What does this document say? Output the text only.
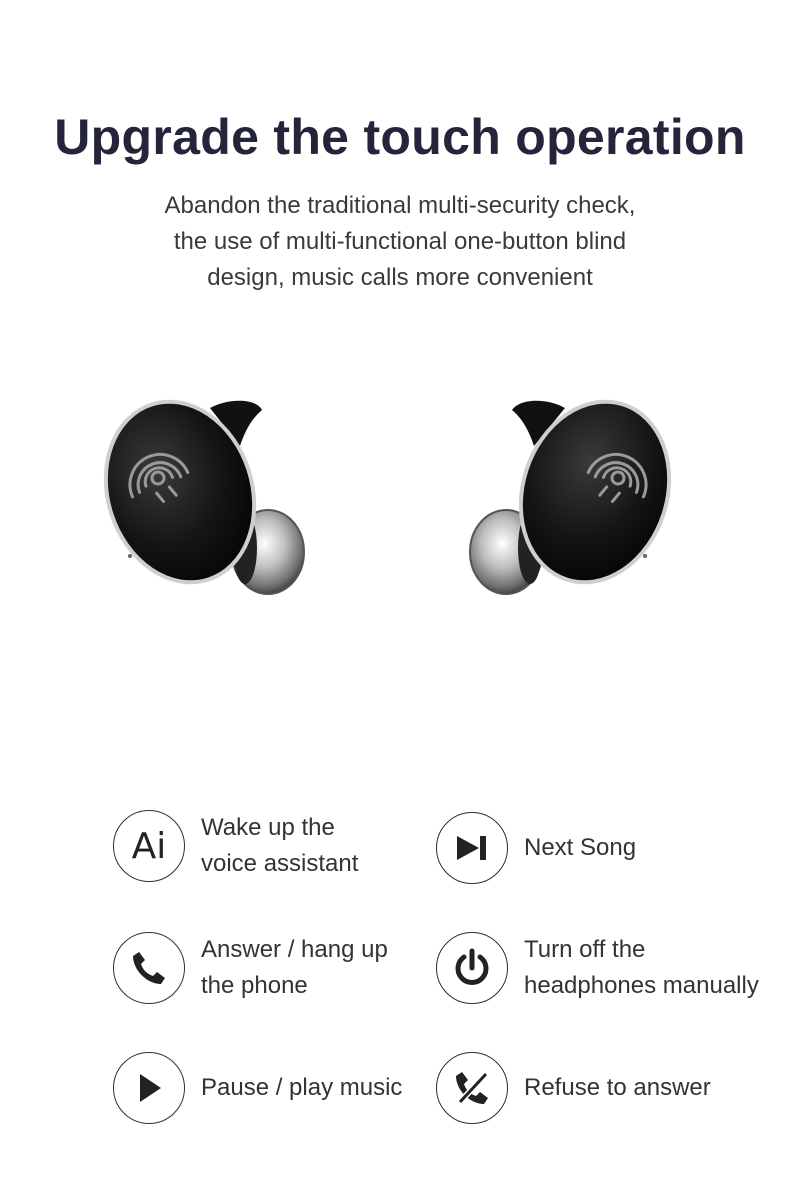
Upgrade the touch operation
Abandon the traditional multi-security check,
the use of multi-functional one-button blind
design, music calls more convenient
Ai Wake up the
voice assistant
Next Song
Answer / hang up
the phone
Turn off the
headphones manually
Pause / play music	Refuse to answer
